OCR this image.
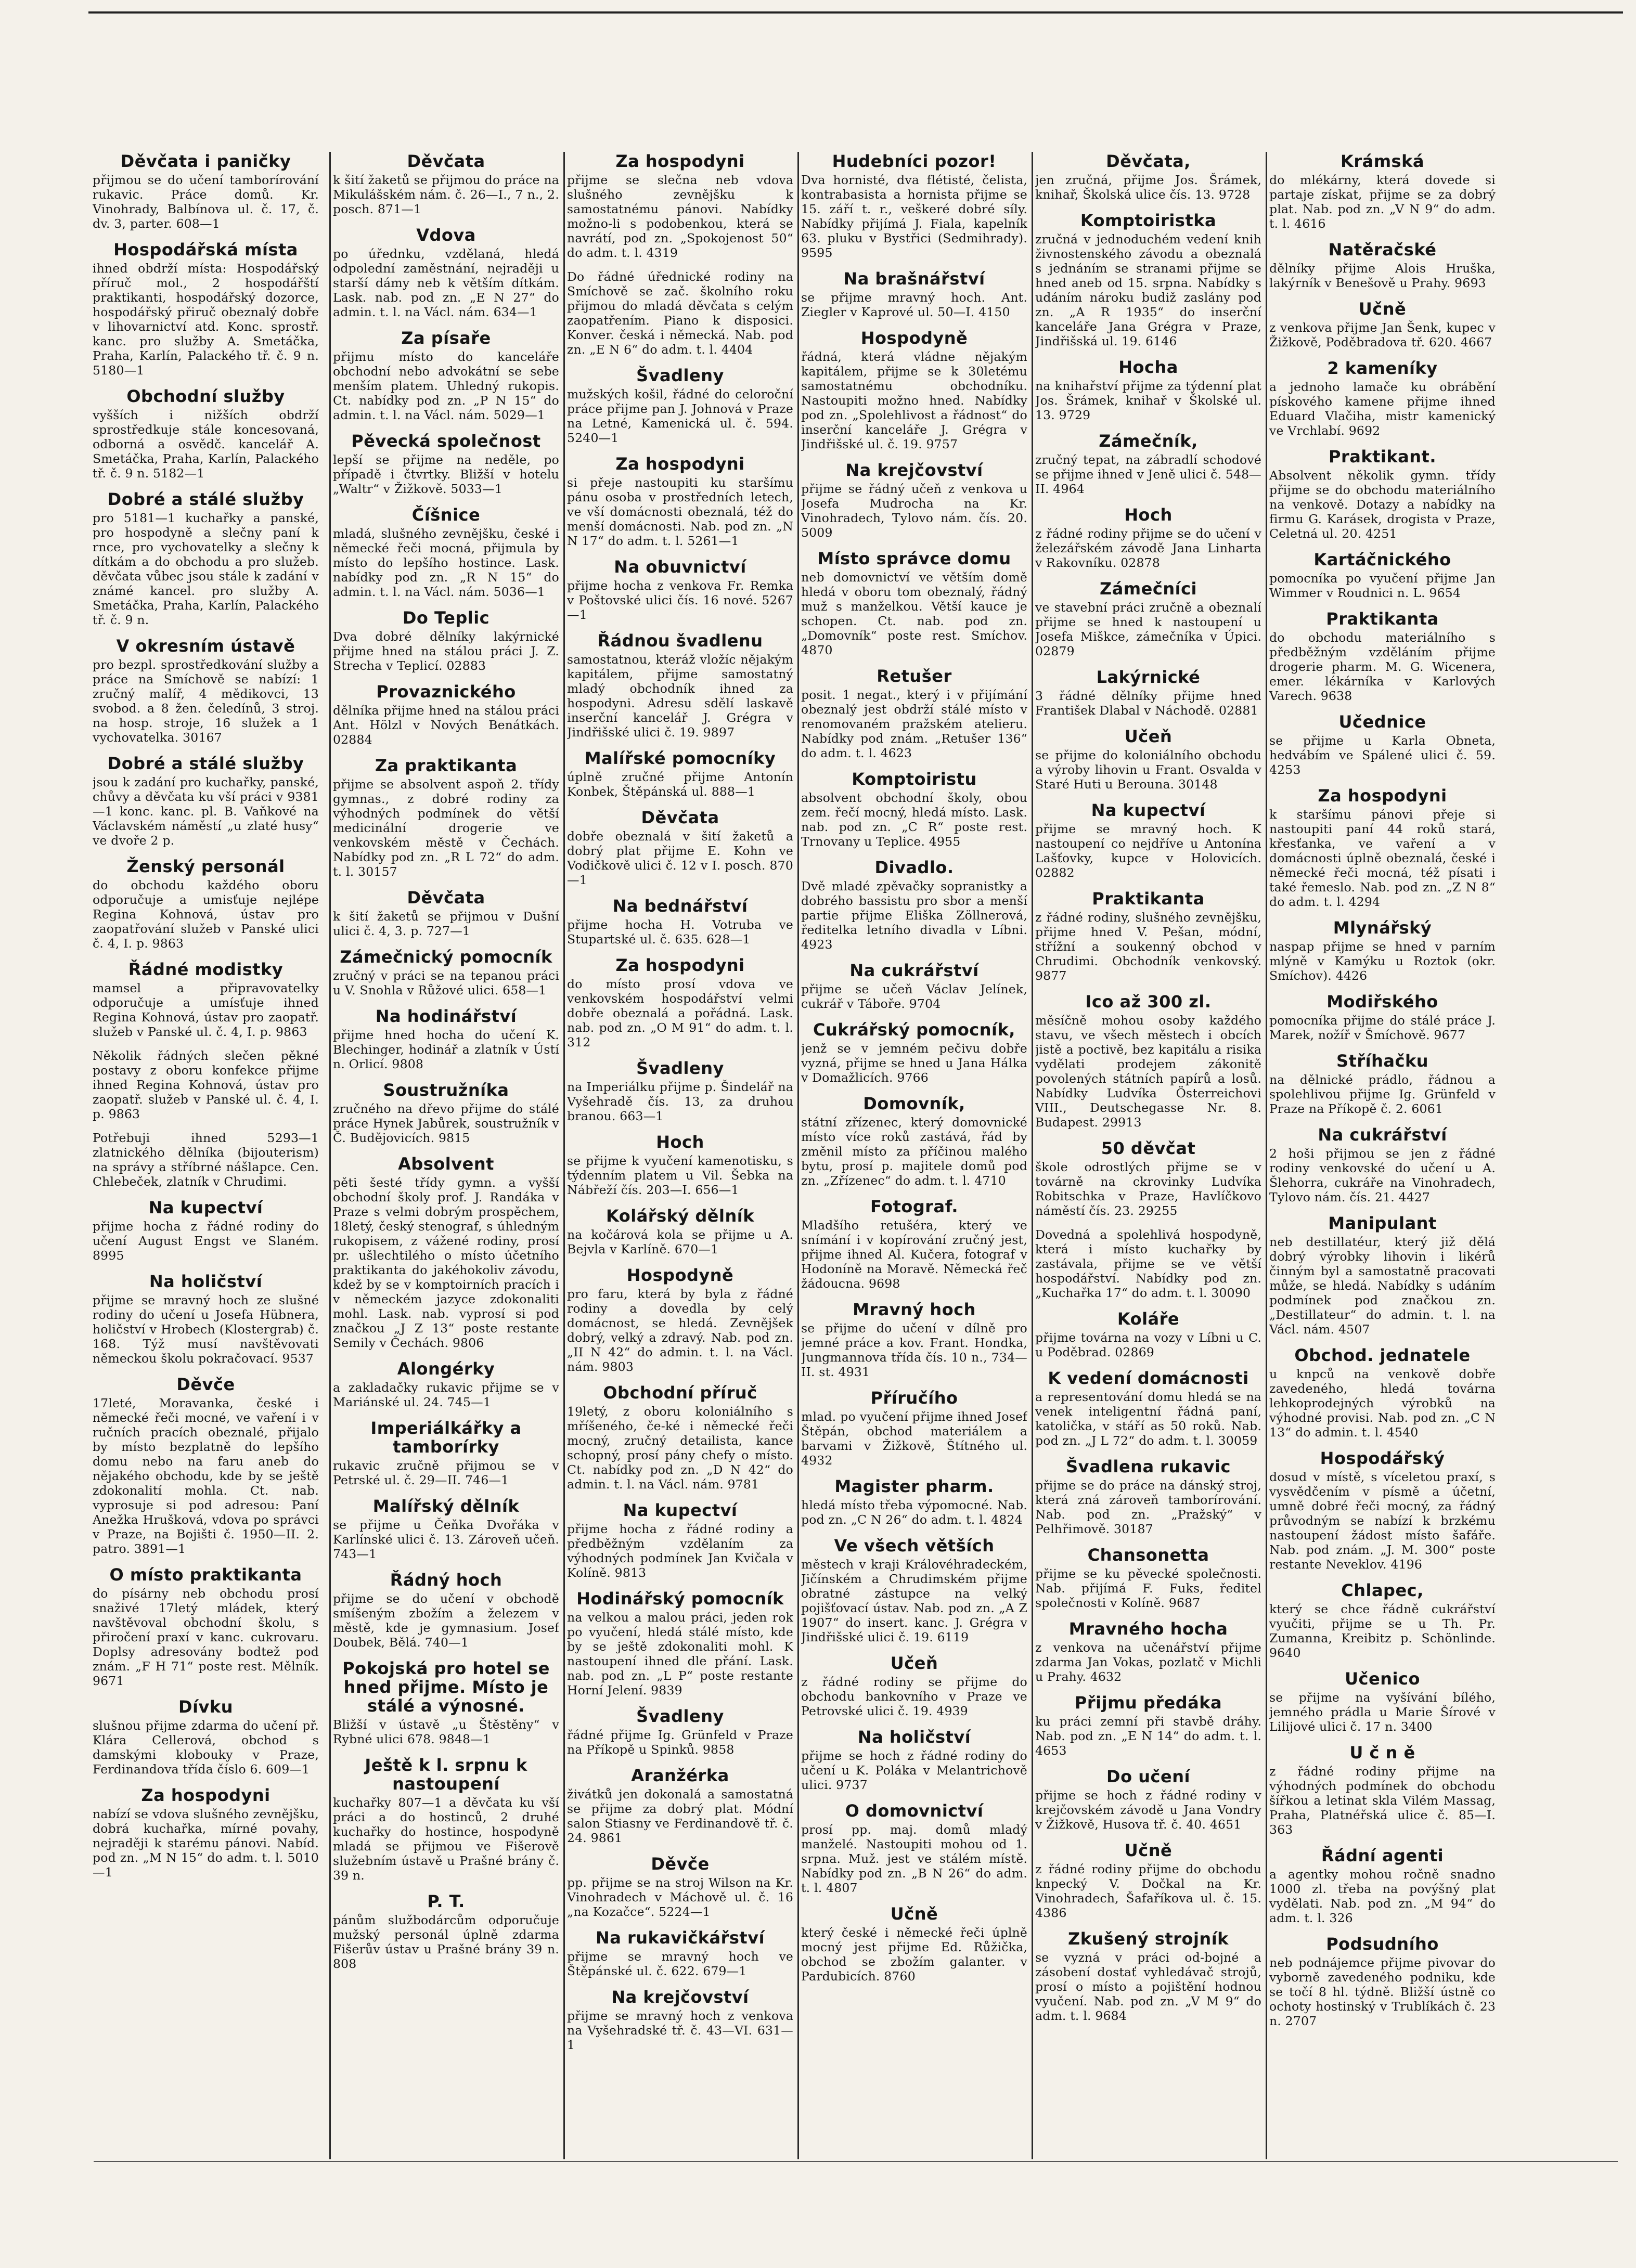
Děvčata i paničky
přijmou se do učení tamborírování rukavic. Práce domů. Kr. Vinohrady, Balbínova ul. č. 17, č. dv. 3, parter. 608—1
Hospodářská místa
ihned obdrží místa: Hospodářský příruč mol., 2 hospodářští praktikanti, hospodářský dozorce, hospodářský přiruč obeznalý dobře v lihovarnictví atd. Konc. sprostř. kanc. pro služby A. Smetáčka, Praha, Karlín, Palackého tř. č. 9 n. 5180—1
Obchodní služby
vyšších i nižších obdrží sprostředkuje stále koncesovaná, odborná a osvědč. kancelář A. Smetáčka, Praha, Karlín, Palackého tř. č. 9 n. 5182—1
Dobré a stálé služby
pro 5181—1 kuchařky a panské, pro hospodyně a slečny paní k rnce, pro vychovatelky a slečny k dítkám a do obchodu a pro služeb. děvčata vůbec jsou stále k zadání v známé kancel. pro služby A. Smetáčka, Praha, Karlín, Palackého tř. č. 9 n.
V okresním ústavě
pro bezpl. sprostředkování služby a práce na Smíchově se nabízí: 1 zručný malíř, 4 mědikovci, 13 svobod. a 8 žen. čeledínů, 3 stroj. na hosp. stroje, 16 služek a 1 vychovatelka. 30167
Dobré a stálé služby
jsou k zadání pro kuchařky, panské, chůvy a děvčata ku vší práci v 9381—1 konc. kanc. pl. B. Vaňkové na Václavském náměstí „u zlaté husy“ ve dvoře 2 p.
Ženský personál
do obchodu každého oboru odporučuje a umisťuje nejlépe Regina Kohnová, ústav pro zaopatřování služeb v Panské ulici č. 4, I. p. 9863
Řádné modistky
mamsel a připravovatelky odporučuje a umísťuje ihned Regina Kohnová, ústav pro zaopatř. služeb v Panské ul. č. 4, I. p. 9863
Několik řádných slečen pěkné postavy z oboru konfekce přijme ihned Regina Kohnová, ústav pro zaopatř. služeb v Panské ul. č. 4, I. p. 9863
Potřebuji ihned 5293—1 zlatnického dělníka (bijouterism) na správy a stříbrné nášlapce. Cen. Chlebeček, zlatník v Chrudimi.
Na kupectví
přijme hocha z řádné rodiny do učení August Engst ve Slaném. 8995
Na holičství
přijme se mravný hoch ze slušné rodiny do učení u Josefa Hübnera, holičství v Hrobech (Klostergrab) č. 168. Týž musí navštěvovati německou školu pokračovací. 9537
Děvče
17leté, Moravanka, české i německé řeči mocné, ve vaření i v ručních pracích obeznalé, přijalo by místo bezplatně do lepšího domu nebo na faru aneb do nějakého obchodu, kde by se ještě zdokonalití mohla. Ct. nab. vyprosuje si pod adresou: Paní Anežka Hrušková, vdova po správci v Praze, na Bojišti č. 1950—II. 2. patro. 3891—1
O místo praktikanta
do písárny neb obchodu prosí snaživé 17letý mládek, který navštěvoval obchodní školu, s přiročení praxí v kanc. cukrovaru. Doplsy adresovány bodtež pod znám. „F H 71“ poste rest. Mělník. 9671
Dívku
slušnou přijme zdarma do učení př. Klára Cellerová, obchod s damskými klobouky v Praze, Ferdinandova třída číslo 6. 609—1
Za hospodyni
nabízí se vdova slušného zevnějšku, dobrá kuchařka, mírné povahy, nejraději k starému pánovi. Nabíd. pod zn. „M N 15“ do adm. t. l. 5010—1
Děvčata
k šití žaketů se přijmou do práce na Mikulášském nám. č. 26—I., 7 n., 2. posch. 871—1
Vdova
po úřednku, vzdělaná, hledá odpolední zaměstnání, nejraději u starší dámy neb k větším dítkám. Lask. nab. pod zn. „E N 27“ do admin. t. l. na Václ. nám. 634—1
Za písaře
přijmu místo do kanceláře obchodní nebo advokátní se sebe menším platem. Uhledný rukopis. Ct. nabídky pod zn. „P N 15“ do admin. t. l. na Václ. nám. 5029—1
Pěvecká společnost
lepší se přijme na neděle, po případě i čtvrtky. Bližší v hotelu „Waltr“ v Žižkově. 5033—1
Číšnice
mladá, slušného zevnějšku, české i německé řeči mocná, přijmula by místo do lepšího hostince. Lask. nabídky pod zn. „R N 15“ do admin. t. l. na Václ. nám. 5036—1
Do Teplic
Dva dobré dělníky lakýrnické přijme hned na stálou práci J. Z. Strecha v Teplicí. 02883
Provaznického
dělníka přijme hned na stálou práci Ant. Hölzl v Nových Benátkách. 02884
Za praktikanta
přijme se absolvent aspoň 2. třídy gymnas., z dobré rodiny za výhodných podmínek do větší medicinální drogerie ve venkovském městě v Čechách. Nabídky pod zn. „R L 72“ do adm. t. l. 30157
Děvčata
k šití žaketů se přijmou v Dušní ulici č. 4, 3. p. 727—1
Zámečnický pomocník
zručný v práci se na tepanou práci u V. Snohla v Růžové ulici. 658—1
Na hodinářství
přijme hned hocha do učení K. Blechinger, hodinář a zlatník v Ústí n. Orlicí. 9808
Soustružníka
zručného na dřevo přijme do stálé práce Hynek Jabůrek, soustružník v Č. Budějovicích. 9815
Absolvent
pěti šesté třídy gymn. a vyšší obchodní školy prof. J. Randáka v Praze s velmi dobrým prospěchem, 18letý, český stenograf, s úhledným rukopisem, z vážené rodiny, prosí pr. ušlechtilého o místo účetního praktikanta do jakéhokoliv závodu, kdež by se v komptoirních pracích i v německém jazyce zdokonaliti mohl. Lask. nab. vyprosí si pod značkou „J Z 13“ poste restante Semily v Čechách. 9806
Alongérky
a zakladačky rukavic přijme se v Mariánské ul. 24. 745—1
Imperiálkářky a tamborírky
rukavic zručně přijmou se v Petrské ul. č. 29—II. 746—1
Malířský dělník
se přijme u Čeňka Dvořáka v Karlínské ulici č. 13. Zároveň učeň. 743—1
Řádný hoch
přijme se do učení v obchodě smíšeným zbožím a železem v městě, kde je gymnasium. Josef Doubek, Bělá. 740—1
Pokojská pro hotel se hned přijme. Místo je stálé a výnosné.
Bližší v ústavě „u Štěstěny“ v Rybné ulici 678. 9848—1
Ještě k l. srpnu k nastoupení
kuchařky 807—1 a děvčata ku vší práci a do hostinců, 2 druhé kuchařky do hostince, hospodyně mladá se přijmou ve Fišerově služebním ústavě u Prašné brány č. 39 n.
P. T.
pánům službodárcům odporučuje mužský personál úplně zdarma Fišerův ústav u Prašné brány 39 n. 808
Za hospodyni
přijme se slečna neb vdova slušného zevnějšku k samostatnému pánovi. Nabídky možno-li s podobenkou, která se navrátí, pod zn. „Spokojenost 50“ do adm. t. l. 4319
Do řádné úřednické rodiny na Smíchově se zač. školního roku přijmou do mladá děvčata s celým zaopatřením. Piano k disposici. Konver. česká i německá. Nab. pod zn. „E N 6“ do adm. t. l. 4404
Švadleny
mužských košil, řádné do celoroční práce přijme pan J. Johnová v Praze na Letné, Kamenická ul. č. 594. 5240—1
Za hospodyni
si přeje nastoupiti ku staršímu pánu osoba v prostředních letech, ve vší domácnosti obeznalá, též do menší domácnosti. Nab. pod zn. „N N 17“ do adm. t. l. 5261—1
Na obuvnictví
přijme hocha z venkova Fr. Remka v Poštovské ulici čís. 16 nové. 5267—1
Řádnou švadlenu
samostatnou, kteráž vložíc nějakým kapitálem, přijme samostatný mladý obchodník ihned za hospodyni. Adresu sdělí laskavě inserční kancelář J. Grégra v Jindřišské ulici č. 19. 9897
Malířské pomocníky
úplně zručné přijme Antonín Konbek, Štěpánská ul. 888—1
Děvčata
dobře obeznalá v šití žaketů a dobrý plat přijme E. Kohn ve Vodičkově ulici č. 12 v I. posch. 870—1
Na bednářství
přijme hocha H. Votruba ve Stupartské ul. č. 635. 628—1
Za hospodyni
do místo prosí vdova ve venkovském hospodářství velmi dobře obeznalá a pořádná. Lask. nab. pod zn. „O M 91“ do adm. t. l. 312
Švadleny
na Imperiálku přijme p. Šindelář na Vyšehradě čís. 13, za druhou branou. 663—1
Hoch
se přijme k vyučení kamenotisku, s týdenním platem u Vil. Šebka na Nábřeží čís. 203—I. 656—1
Kolářský dělník
na kočárová kola se přijme u A. Bejvla v Karlíně. 670—1
Hospodyně
pro faru, která by byla z řádné rodiny a dovedla by celý domácnost, se hledá. Zevnějšek dobrý, velký a zdravý. Nab. pod zn. „II N 42“ do admin. t. l. na Václ. nám. 9803
Obchodní příruč
19letý, z oboru koloniálního s mříšeného, če-ké i německé řeči mocný, zručný detailista, kance schopný, prosí pány chefy o místo. Ct. nabídky pod zn. „D N 42“ do admin. t. l. na Václ. nám. 9781
Na kupectví
přijme hocha z řádné rodiny a předběžným vzdělaním za výhodných podmínek Jan Kvičala v Kolíně. 9813
Hodinářský pomocník
na velkou a malou práci, jeden rok po vyučení, hledá stálé místo, kde by se ještě zdokonaliti mohl. K nastoupení ihned dle přání. Lask. nab. pod zn. „L P“ poste restante Horní Jelení. 9839
Švadleny
řádné přijme Ig. Grünfeld v Praze na Příkopě u Spinků. 9858
Aranžérka
živátků jen dokonalá a samostatná se přijme za dobrý plat. Módní salon Stiasny ve Ferdinandově tř. č. 24. 9861
Děvče
pp. přijme se na stroj Wilson na Kr. Vinohradech v Máchově ul. č. 16 „na Kozačce“. 5224—1
Na rukavičkářství
přijme se mravný hoch ve Štěpánské ul. č. 622. 679—1
Na krejčovství
přijme se mravný hoch z venkova na Vyšehradské tř. č. 43—VI. 631—1
Hudebníci pozor!
Dva hornisté, dva flétisté, čelista, kontrabasista a hornista přijme se 15. září t. r., veškeré dobré síly. Nabídky přijímá J. Fiala, kapelník 63. pluku v Bystřici (Sedmihrady). 9595
Na brašnářství
se přijme mravný hoch. Ant. Ziegler v Kaprové ul. 50—I. 4150
Hospodyně
řádná, která vládne nějakým kapitálem, přijme se k 30letému samostatnému obchodníku. Nastoupiti možno hned. Nabídky pod zn. „Spolehlivost a řádnost“ do inserční kanceláře J. Grégra v Jindřišské ul. č. 19. 9757
Na krejčovství
přijme se řádný učeň z venkova u Josefa Mudrocha na Kr. Vinohradech, Tylovo nám. čís. 20. 5009
Místo správce domu
neb domovnictví ve větším domě hledá v oboru tom obeznalý, řádný muž s manželkou. Větší kauce je schopen. Ct. nab. pod zn. „Domovník“ poste rest. Smíchov. 4870
Retušer
posit. 1 negat., který i v přijímání obeznalý jest obdrží stálé místo v renomovaném pražském atelieru. Nabídky pod znám. „Retušer 136“ do adm. t. l. 4623
Komptoiristu
absolvent obchodní školy, obou zem. řečí mocný, hledá místo. Lask. nab. pod zn. „C R“ poste rest. Trnovany u Teplice. 4955
Divadlo.
Dvě mladé zpěvačky sopranistky a dobrého bassistu pro sbor a menší partie přijme Eliška Zöllnerová, ředitelka letního divadla v Líbni. 4923
Na cukrářství
přijme se učeň Václav Jelínek, cukrář v Táboře. 9704
Cukrářský pomocník,
jenž se v jemném pečivu dobře vyzná, přijme se hned u Jana Hálka v Domažlicích. 9766
Domovník,
státní zřízenec, který domovnické místo více roků zastává, řád by změnil místo za příčinou malého bytu, prosí p. majitele domů pod zn. „Zřízenec“ do adm. t. l. 4710
Fotograf.
Mladšího retušéra, který ve snímání i v kopírování zručný jest, přijme ihned Al. Kučera, fotograf v Hodoníně na Moravě. Německá řeč žádoucna. 9698
Mravný hoch
se přijme do učení v dílně pro jemné práce a kov. Frant. Hondka, Jungmannova třída čís. 10 n., 734—II. st. 4931
Příručího
mlad. po vyučení přijme ihned Josef Štěpán, obchod materiálem a barvami v Žižkově, Štítného ul. 4932
Magister pharm.
hledá místo třeba výpomocné. Nab. pod zn. „C N 26“ do adm. t. l. 4824
Ve všech větších
městech v kraji Královéhradeckém, Jičínském a Chrudimském přijme obratné zástupce na velký pojišťovací ústav. Nab. pod zn. „A Z 1907“ do insert. kanc. J. Grégra v Jindřišské ulici č. 19. 6119
Učeň
z řádné rodiny se přijme do obchodu bankovního v Praze ve Petrovské ulici č. 19. 4939
Na holičství
přijme se hoch z řádné rodiny do učení u K. Poláka v Melantrichově ulici. 9737
O domovnictví
prosí pp. maj. domů mladý manželé. Nastoupiti mohou od 1. srpna. Muž. jest ve stálém místě. Nabídky pod zn. „B N 26“ do adm. t. l. 4807
Učně
který české i německé řeči úplně mocný jest přijme Ed. Růžička, obchod se zbožím galanter. v Pardubicích. 8760
Děvčata,
jen zručná, přijme Jos. Šrámek, knihař, Školská ulice čís. 13. 9728
Komptoiristka
zručná v jednoduchém vedení knih živnostenského závodu a obeznalá s jednáním se stranami přijme se hned aneb od 15. srpna. Nabídky s udáním nároku budiž zaslány pod zn. „A R 1935“ do inserční kanceláře Jana Grégra v Praze, Jindřišská ul. 19. 6146
Hocha
na knihařství přijme za týdenní plat Jos. Šrámek, knihař v Školské ul. 13. 9729
Zámečník,
zručný tepat, na zábradlí schodové se přijme ihned v Jeně ulici č. 548—II. 4964
Hoch
z řádné rodiny přijme se do učení v železářském závodě Jana Linharta v Rakovníku. 02878
Zámečníci
ve stavební práci zručně a obeznalí přijme se hned k nastoupení u Josefa Miškce, zámečníka v Úpici. 02879
Lakýrnické
3 řádné dělníky přijme hned František Dlabal v Náchodě. 02881
Učeň
se přijme do koloniálního obchodu a výroby lihovin u Frant. Osvalda v Staré Huti u Berouna. 30148
Na kupectví
přijme se mravný hoch. K nastoupení co nejdříve u Antonína Lašťovky, kupce v Holovicích. 02882
Praktikanta
z řádné rodiny, slušného zevnějšku, přijme hned V. Pešan, módní, střížní a soukenný obchod v Chrudimi. Obchodník venkovský. 9877
Ico až 300 zl.
měsíčně mohou osoby každého stavu, ve všech městech i obcích jistě a poctivě, bez kapitálu a risika vydělati prodejem zákonitě povolených státních papírů a losů. Nabídky Ludvíka Österreichovi VIII., Deutschegasse Nr. 8. Budapest. 29913
50 děvčat
škole odrostlých přijme se v továrně na ckrovinky Ludvíka Robitschka v Praze, Havlíčkovo náměstí čís. 23. 29255
Dovedná a spolehlivá hospodyně, která i místo kuchařky by zastávala, přijme se ve větší hospodářství. Nabídky pod zn. „Kuchařka 17“ do adm. t. l. 30090
Koláře
přijme továrna na vozy v Líbni u C. u Poděbrad. 02869
K vedení domácnosti
a representování domu hledá se na venek inteligentní řádná paní, katolička, v stáří as 50 roků. Nab. pod zn. „J L 72“ do adm. t. l. 30059
Švadlena rukavic
přijme se do práce na dánský stroj, která zná zároveň tamborírování. Nab. pod zn. „Pražský“ v Pelhřimově. 30187
Chansonetta
přijme se ku pěvecké společnosti. Nab. přijímá F. Fuks, ředitel společnosti v Kolíně. 9687
Mravného hocha
z venkova na učenářství přijme zdarma Jan Vokas, pozlatč v Michli u Prahy. 4632
Přijmu předáka
ku práci zemní při stavbě dráhy. Nab. pod zn. „E N 14“ do adm. t. l. 4653
Do učení
přijme se hoch z řádné rodiny v krejčovském závodě u Jana Vondry v Žižkově, Husova tř. č. 40. 4651
Učně
z řádné rodiny přijme do obchodu knpecký V. Dočkal na Kr. Vinohradech, Šafaříkova ul. č. 15. 4386
Zkušený strojník
se vyzná v práci od-bojné a zásobení dostať vyhledávač strojů, prosí o místo a pojištění hodnou vyučení. Nab. pod zn. „V M 9“ do adm. t. l. 9684
Krámská
do mlékárny, která dovede si partaje získat, přijme se za dobrý plat. Nab. pod zn. „V N 9“ do adm. t. l. 4616
Natěračské
dělníky přijme Alois Hruška, lakýrník v Benešově u Prahy. 9693
Učně
z venkova přijme Jan Šenk, kupec v Žižkově, Poděbradova tř. 620. 4667
2 kameníky
a jednoho lamače ku obrábění pískového kamene přijme ihned Eduard Vlačiha, mistr kamenický ve Vrchlabí. 9692
Praktikant.
Absolvent několik gymn. třídy přijme se do obchodu materiálního na venkově. Dotazy a nabídky na firmu G. Karásek, drogista v Praze, Celetná ul. 20. 4251
Kartáčnického
pomocníka po vyučení přijme Jan Wimmer v Roudnici n. L. 9654
Praktikanta
do obchodu materiálního s předběžným vzděláním přijme drogerie pharm. M. G. Wicenera, emer. lékárníka v Karlových Varech. 9638
Učednice
se přijme u Karla Obneta, hedvábím ve Spálené ulici č. 59. 4253
Za hospodyni
k staršímu pánovi přeje si nastoupiti paní 44 roků stará, křesťanka, ve vaření a v domácnosti úplně obeznalá, české i německé řeči mocná, též písati i také řemeslo. Nab. pod zn. „Z N 8“ do adm. t. l. 4294
Mlynářský
naspap přijme se hned v parním mlýně v Kamýku u Roztok (okr. Smíchov). 4426
Modiřského
pomocníka přijme do stálé práce J. Marek, nožíř v Šmíchově. 9677
Stříhačku
na dělnické prádlo, řádnou a spolehlivou přijme Ig. Grünfeld v Praze na Příkopě č. 2. 6061
Na cukrářství
2 hoši přijmou se jen z řádné rodiny venkovské do učení u A. Šlehorra, cukráře na Vinohradech, Tylovo nám. čís. 21. 4427
Manipulant
neb destillatéur, který již dělá dobrý výrobky lihovin i likérů činným byl a samostatně pracovati může, se hledá. Nabídky s udáním podmínek pod značkou zn. „Destillateur“ do admin. t. l. na Václ. nám. 4507
Obchod. jednatele
u knpců na venkově dobře zavedeného, hledá továrna lehkoprodejných výrobků na výhodné provisi. Nab. pod zn. „C N 13“ do admin. t. l. 4540
Hospodářský
dosud v místě, s víceletou praxí, s vysvědčením v písmě a účetní, umně dobré řeči mocný, za řádný průvodným se nabízí k brzkému nastoupení žádost místo šafáře. Nab. pod znám. „J. M. 300“ poste restante Neveklov. 4196
Chlapec,
který se chce řádně cukrářství vyučiti, přijme se u Th. Pr. Zumanna, Kreibitz p. Schönlinde. 9640
Učenico
se přijme na vyšívání bílého, jemného prádla u Marie Šírové v Lilijové ulici č. 17 n. 3400
U č n ě
z řádné rodiny přijme na výhodných podmínek do obchodu šířkou a letinat skla Vilém Massag, Praha, Platnéřská ulice č. 85—I. 363
Řádní agenti
a agentky mohou ročně snadno 1000 zl. třeba na povýšný plat vydělati. Nab. pod zn. „M 94“ do adm. t. l. 326
Podsudního
neb podnájemce přijme pivovar do vyborně zavedeného podniku, kde se točí 8 hl. týdně. Bližší ústně co ochoty hostinský v Trublíkách č. 23 n. 2707
